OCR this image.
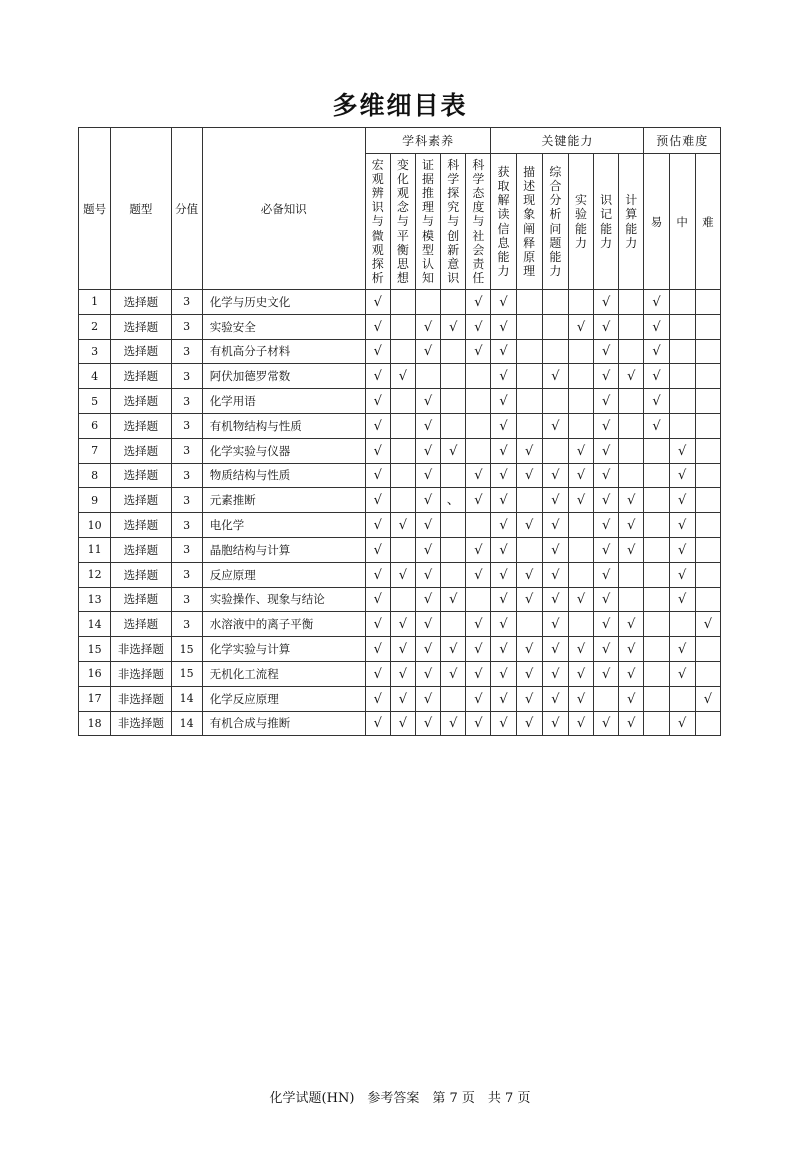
多维细目表
题号	题型	分值	必备知识	学科素养					关键能力						预估难度		
				宏观辨识与微观探析	变化观念与平衡思想	证据推理与模型认知	科学探究与创新意识	科学态度与社会责任	获取解读信息能力	描述现象阐释原理	综合分析问题能力	实验能力	识记能力	计算能力	易	中	难
1	选择题	3	化学与历史文化	√				√	√				√		√		
2	选择题	3	实验安全	√		√	√	√	√			√	√		√		
3	选择题	3	有机高分子材料	√		√		√	√				√		√		
4	选择题	3	阿伏加德罗常数	√	√				√		√		√	√	√		
5	选择题	3	化学用语	√		√			√				√		√		
6	选择题	3	有机物结构与性质	√		√			√		√		√		√		
7	选择题	3	化学实验与仪器	√		√	√		√	√		√	√			√	
8	选择题	3	物质结构与性质	√		√		√	√	√	√	√	√			√	
9	选择题	3	元素推断	√		√	、	√	√		√	√	√	√		√	
10	选择题	3	电化学	√	√	√			√	√	√		√	√		√	
11	选择题	3	晶胞结构与计算	√		√		√	√		√		√	√		√	
12	选择题	3	反应原理	√	√	√		√	√	√	√		√			√	
13	选择题	3	实验操作、现象与结论	√		√	√		√	√	√	√	√			√	
14	选择题	3	水溶液中的离子平衡	√	√	√		√	√		√		√	√			√
15	非选择题	15	化学实验与计算	√	√	√	√	√	√	√	√	√	√	√		√	
16	非选择题	15	无机化工流程	√	√	√	√	√	√	√	√	√	√	√		√	
17	非选择题	14	化学反应原理	√	√	√		√	√	√	√	√		√			√
18	非选择题	14	有机合成与推断	√	√	√	√	√	√	√	√	√	√	√		√	
化学试题(HN)　参考答案　第 7 页　共 7 页
